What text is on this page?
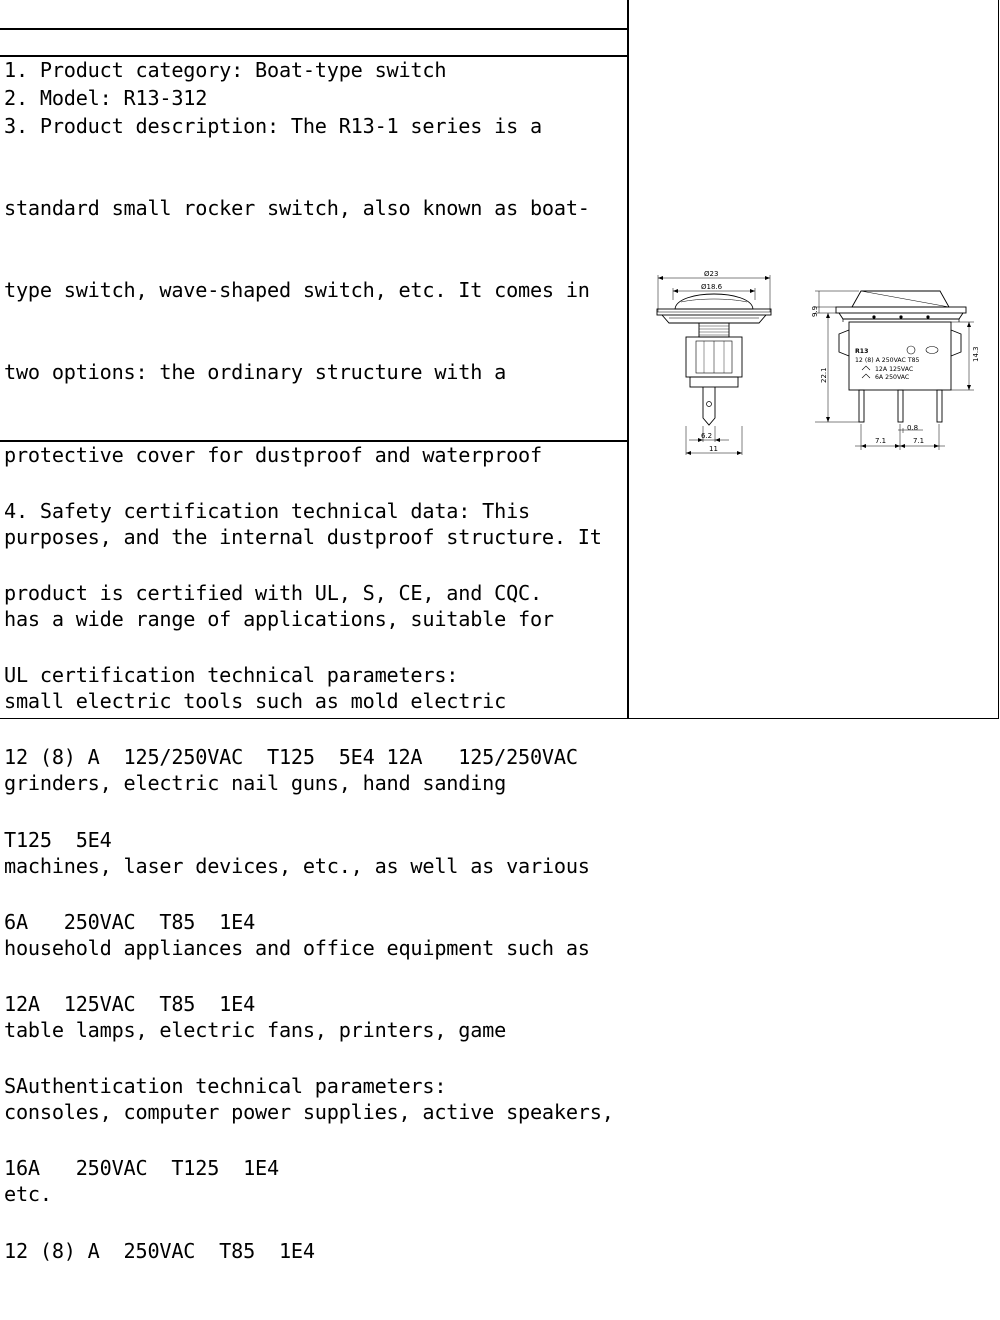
1. Product category: Boat-type switch

2. Model: R13-312

3. Product description: The R13-1 series is a

standard small rocker switch, also known as boat-

type switch, wave-shaped switch, etc. It comes in

two options: the ordinary structure with a

protective cover for dustproof and waterproof

purposes, and the internal dustproof structure. It

has a wide range of applications, suitable for

small electric tools such as mold electric

grinders, electric nail guns, hand sanding

machines, laser devices, etc., as well as various

household appliances and office equipment such as

table lamps, electric fans, printers, game

consoles, computer power supplies, active speakers,

etc.

4. Safety certification technical data: This

product is certified with UL, S, CE, and CQC.

UL certification technical parameters:

12 (8) A  125/250VAC  T125  5E4 12A   125/250VAC

T125  5E4

6A   250VAC  T85  1E4

12A  125VAC  T85  1E4

SAuthentication technical parameters:

16A   250VAC  T125  1E4

12 (8) A  250VAC  T85  1E4

Ø23
Ø18.6
6.2
11
7.1	7.1
0.8
9.9
22.1
14.3
R13
12 (8) A 250VAC T85
12A 125VAC
6A 250VAC
